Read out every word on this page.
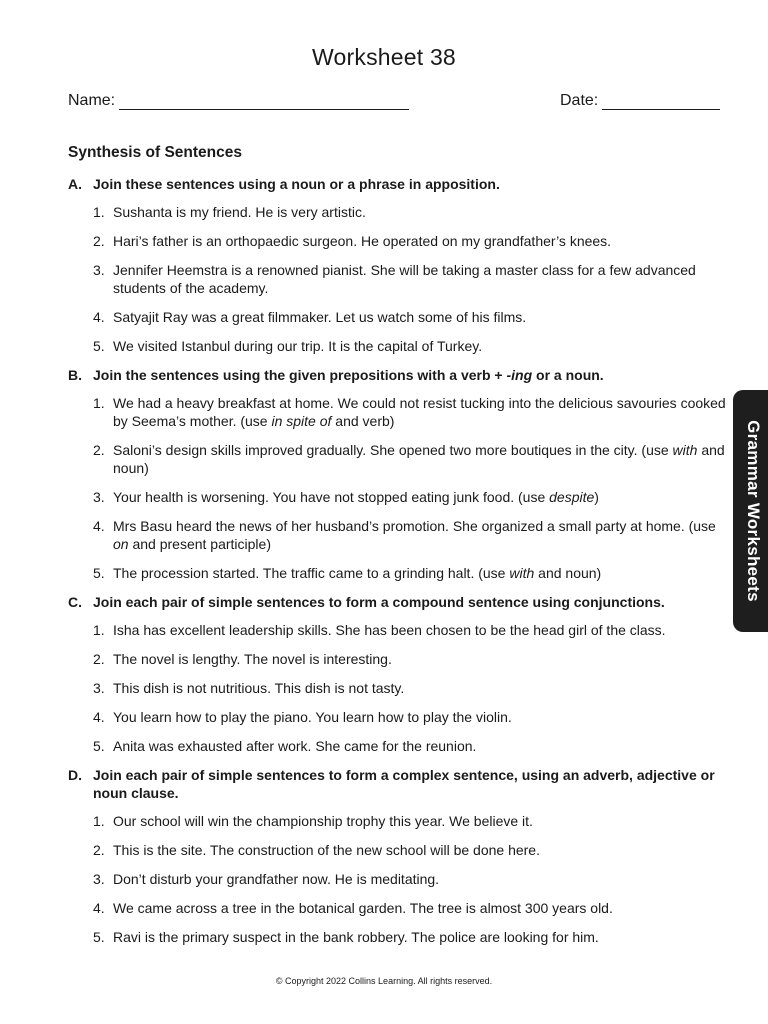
Worksheet 38
Name:	Date:
Synthesis of Sentences
A. Join these sentences using a noun or a phrase in apposition.
1. Sushanta is my friend. He is very artistic.
2. Hari’s father is an orthopaedic surgeon. He operated on my grandfather’s knees.
3. Jennifer Heemstra is a renowned pianist. She will be taking a master class for a few advanced students of the academy.
4. Satyajit Ray was a great filmmaker. Let us watch some of his films.
5. We visited Istanbul during our trip. It is the capital of Turkey.
B. Join the sentences using the given prepositions with a verb + -ing or a noun.
1. We had a heavy breakfast at home. We could not resist tucking into the delicious savouries cooked by Seema’s mother. (use in spite of and verb)
2. Saloni’s design skills improved gradually. She opened two more boutiques in the city. (use with and noun)
3. Your health is worsening. You have not stopped eating junk food. (use despite)
4. Mrs Basu heard the news of her husband’s promotion. She organized a small party at home. (use on and present participle)
5. The procession started. The traffic came to a grinding halt. (use with and noun)
C. Join each pair of simple sentences to form a compound sentence using conjunctions.
1. Isha has excellent leadership skills. She has been chosen to be the head girl of the class.
2. The novel is lengthy. The novel is interesting.
3. This dish is not nutritious. This dish is not tasty.
4. You learn how to play the piano. You learn how to play the violin.
5. Anita was exhausted after work. She came for the reunion.
D. Join each pair of simple sentences to form a complex sentence, using an adverb, adjective or noun clause.
1. Our school will win the championship trophy this year. We believe it.
2. This is the site. The construction of the new school will be done here.
3. Don’t disturb your grandfather now. He is meditating.
4. We came across a tree in the botanical garden. The tree is almost 300 years old.
5. Ravi is the primary suspect in the bank robbery. The police are looking for him.
Grammar Worksheets
© Copyright 2022 Collins Learning. All rights reserved.
